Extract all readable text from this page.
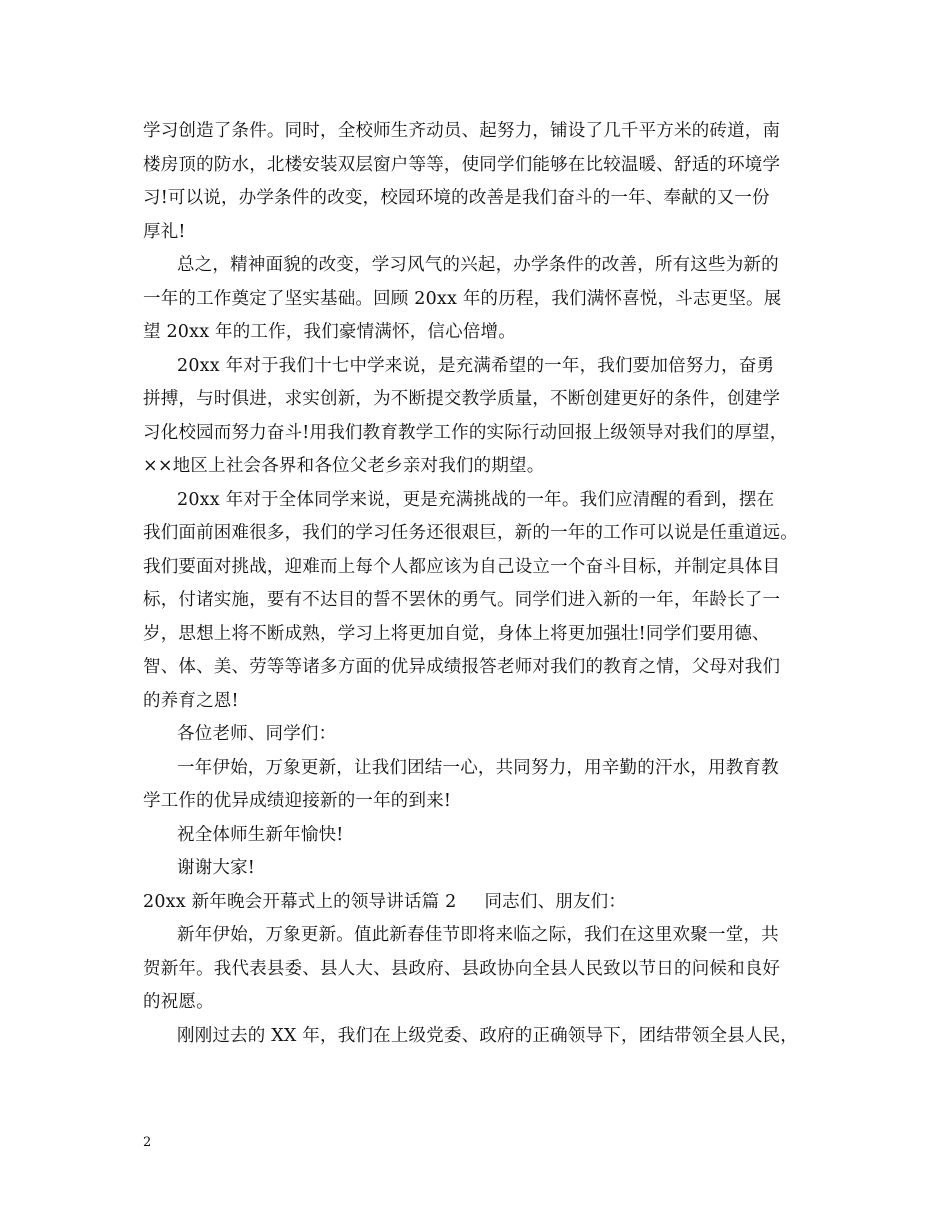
学习创造了条件。同时，全校师生齐动员、起努力，铺设了几千平方米的砖道，南
楼房顶的防水，北楼安装双层窗户等等，使同学们能够在比较温暖、舒适的环境学
习!可以说，办学条件的改变，校园环境的改善是我们奋斗的一年、奉献的又一份
厚礼!
总之，精神面貌的改变，学习风气的兴起，办学条件的改善，所有这些为新的
一年的工作奠定了坚实基础。回顾 20xx 年的历程，我们满怀喜悦，斗志更坚。展
望 20xx 年的工作，我们豪情满怀，信心倍增。
20xx 年对于我们十七中学来说，是充满希望的一年，我们要加倍努力，奋勇
拼搏，与时俱进，求实创新，为不断提交教学质量，不断创建更好的条件，创建学
习化校园而努力奋斗!用我们教育教学工作的实际行动回报上级领导对我们的厚望，
××地区上社会各界和各位父老乡亲对我们的期望。
20xx 年对于全体同学来说，更是充满挑战的一年。我们应清醒的看到，摆在
我们面前困难很多，我们的学习任务还很艰巨，新的一年的工作可以说是任重道远。
我们要面对挑战，迎难而上每个人都应该为自己设立一个奋斗目标，并制定具体目
标，付诸实施，要有不达目的誓不罢休的勇气。同学们进入新的一年，年龄长了一
岁，思想上将不断成熟，学习上将更加自觉，身体上将更加强壮!同学们要用德、
智、体、美、劳等等诸多方面的优异成绩报答老师对我们的教育之情，父母对我们
的养育之恩!
各位老师、同学们：
一年伊始，万象更新，让我们团结一心，共同努力，用辛勤的汗水，用教育教
学工作的优异成绩迎接新的一年的到来!
祝全体师生新年愉快!
谢谢大家!
20xx 新年晚会开幕式上的领导讲话篇 2 同志们、朋友们：
新年伊始，万象更新。值此新春佳节即将来临之际，我们在这里欢聚一堂，共
贺新年。我代表县委、县人大、县政府、县政协向全县人民致以节日的问候和良好
的祝愿。
刚刚过去的 XX 年，我们在上级党委、政府的正确领导下，团结带领全县人民，
2
